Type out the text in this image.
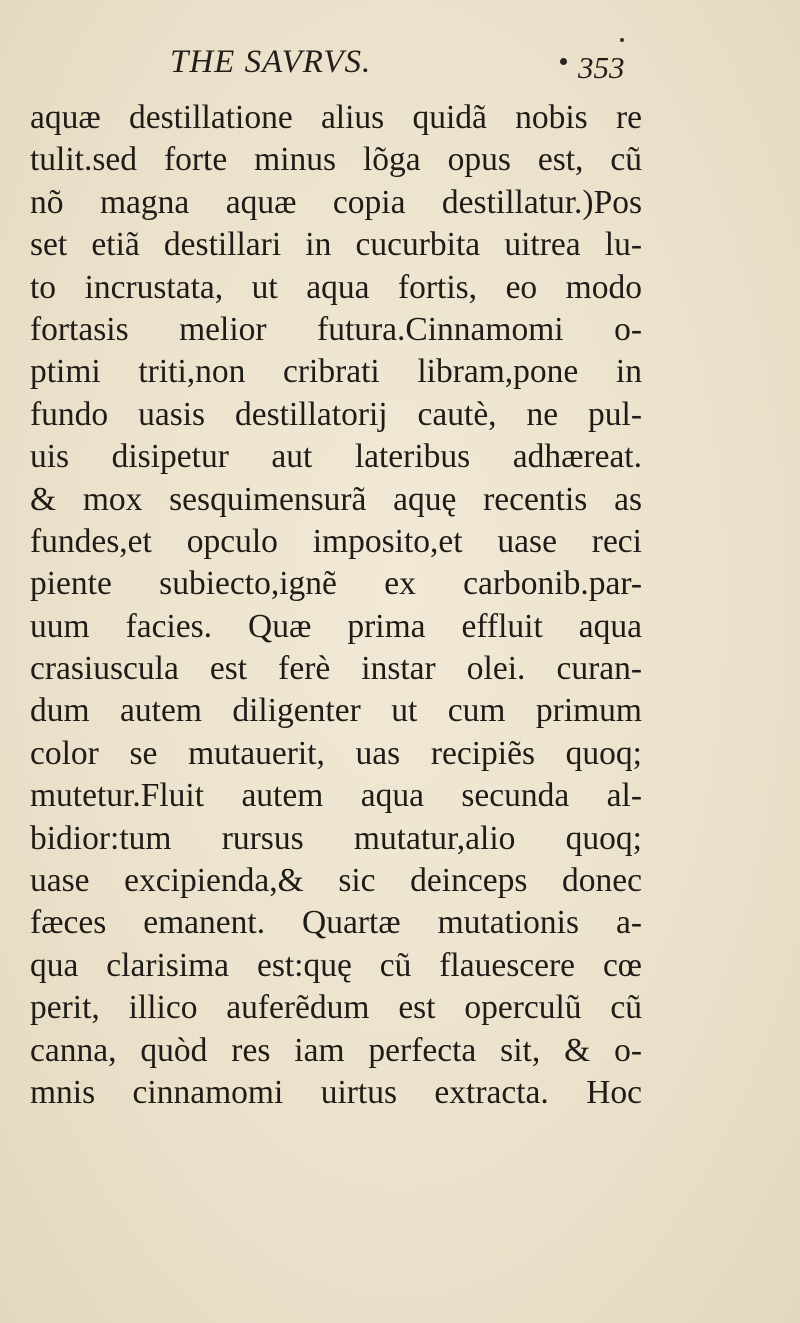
THE SAVRVS.	353
aquæ destillatione alius quidã nobis re
tulit.sed forte minus lõga opus est, cũ
nõ magna aquæ copia destillatur.)Pos
set etiã destillari in cucurbita uitrea lu-
to incrustata, ut aqua fortis, eo modo
fortasis melior futura.Cinnamomi o-
ptimi triti,non cribrati libram,pone in
fundo uasis destillatorij cautè, ne pul-
uis disipetur aut lateribus adhæreat.
& mox sesquimensurã aquę recentis as
fundes,et opculo imposito,et uase reci
piente subiecto,ignẽ ex carbonib.par-
uum facies. Quæ prima effluit aqua
crasiuscula est ferè instar olei. curan-
dum autem diligenter ut cum primum
color se mutauerit, uas recipiẽs quoq;
mutetur.Fluit autem aqua secunda al-
bidior:tum rursus mutatur,alio quoq;
uase excipienda,& sic deinceps donec
fæces emanent. Quartæ mutationis a-
qua clarisima est:quę cũ flauescere cœ
perit, illico auferẽdum est operculũ cũ
canna, quòd res iam perfecta sit, & o-
mnis cinnamomi uirtus extracta. Hoc
